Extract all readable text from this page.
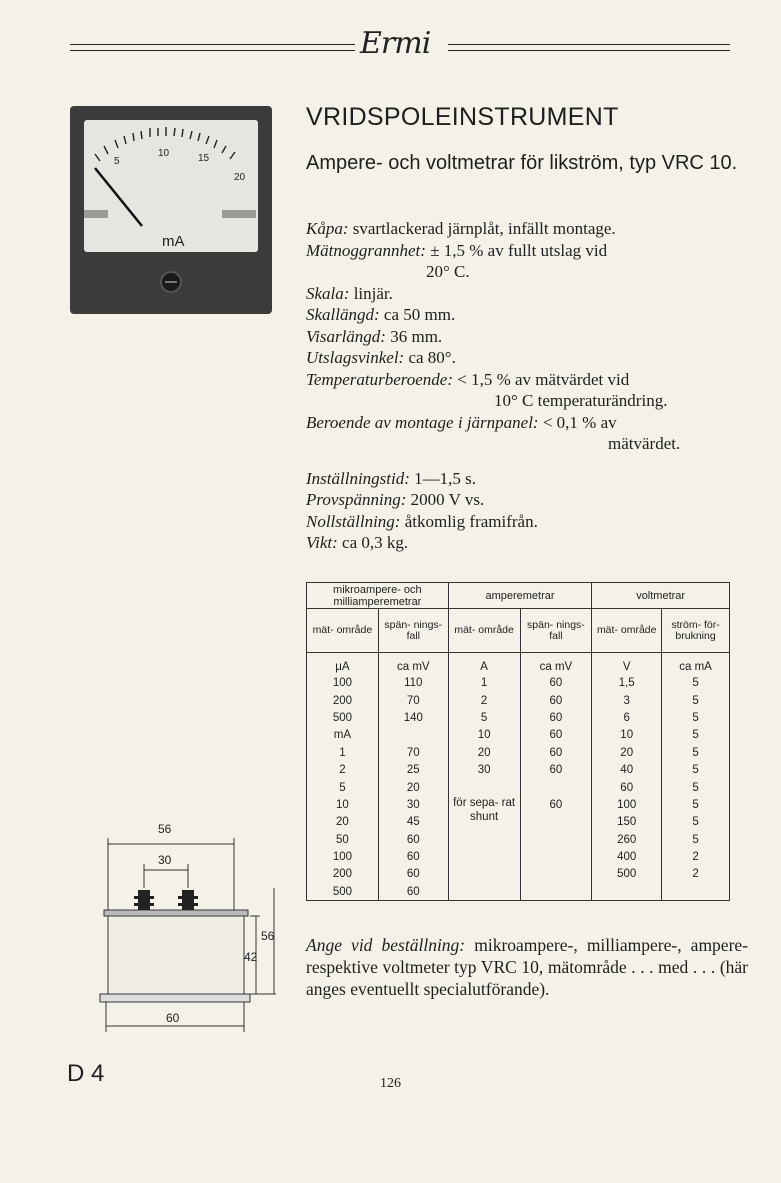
Ermi
5
10	15
20
mA
VRIDSPOLEINSTRUMENT
Ampere- och voltmetrar för likström, typ VRC 10.
Kåpa: svartlackerad järnplåt, infällt montage.
Mätnoggrannhet: ± 1,5 % av fullt utslag vid
20° C.
Skala: linjär.
Skallängd: ca 50 mm.
Visarlängd: 36 mm.
Utslagsvinkel: ca 80°.
Temperaturberoende: < 1,5 % av mätvärdet vid
10° C temperaturändring.
Beroende av montage i järnpanel: < 0,1 % av
mätvärdet.
Inställningstid: 1—1,5 s.
Provspänning: 2000 V vs.
Nollställning: åtkomlig framifrån.
Vikt: ca 0,3 kg.
mikroampere- och milliamperemetrar		amperemetrar		voltmetrar	
mät- område	spän- nings- fall	mät- område	spän- nings- fall	mät- område	ström- för- brukning
μA	ca mV	A	ca mV	V	ca mA
100	110	1	60	1,5	5
200	70	2	60	3	5
500	140	5	60	6	5
mA		10	60	10	5
1	70	20	60	20	5
2	25	30	60	40	5
5	20			60	5
10	30	för sepa- rat shunt	60	100	5
20	45			150	5
50	60			260	5
100	60			400	2
200	60			500	2
500	60				
56
30
56
42
60
Ange vid beställning: mikroampere-, milliampere-, ampere- respektive voltmeter typ VRC 10, mätområde . . . med . . . (här anges eventuellt specialutförande).
D 4	126
